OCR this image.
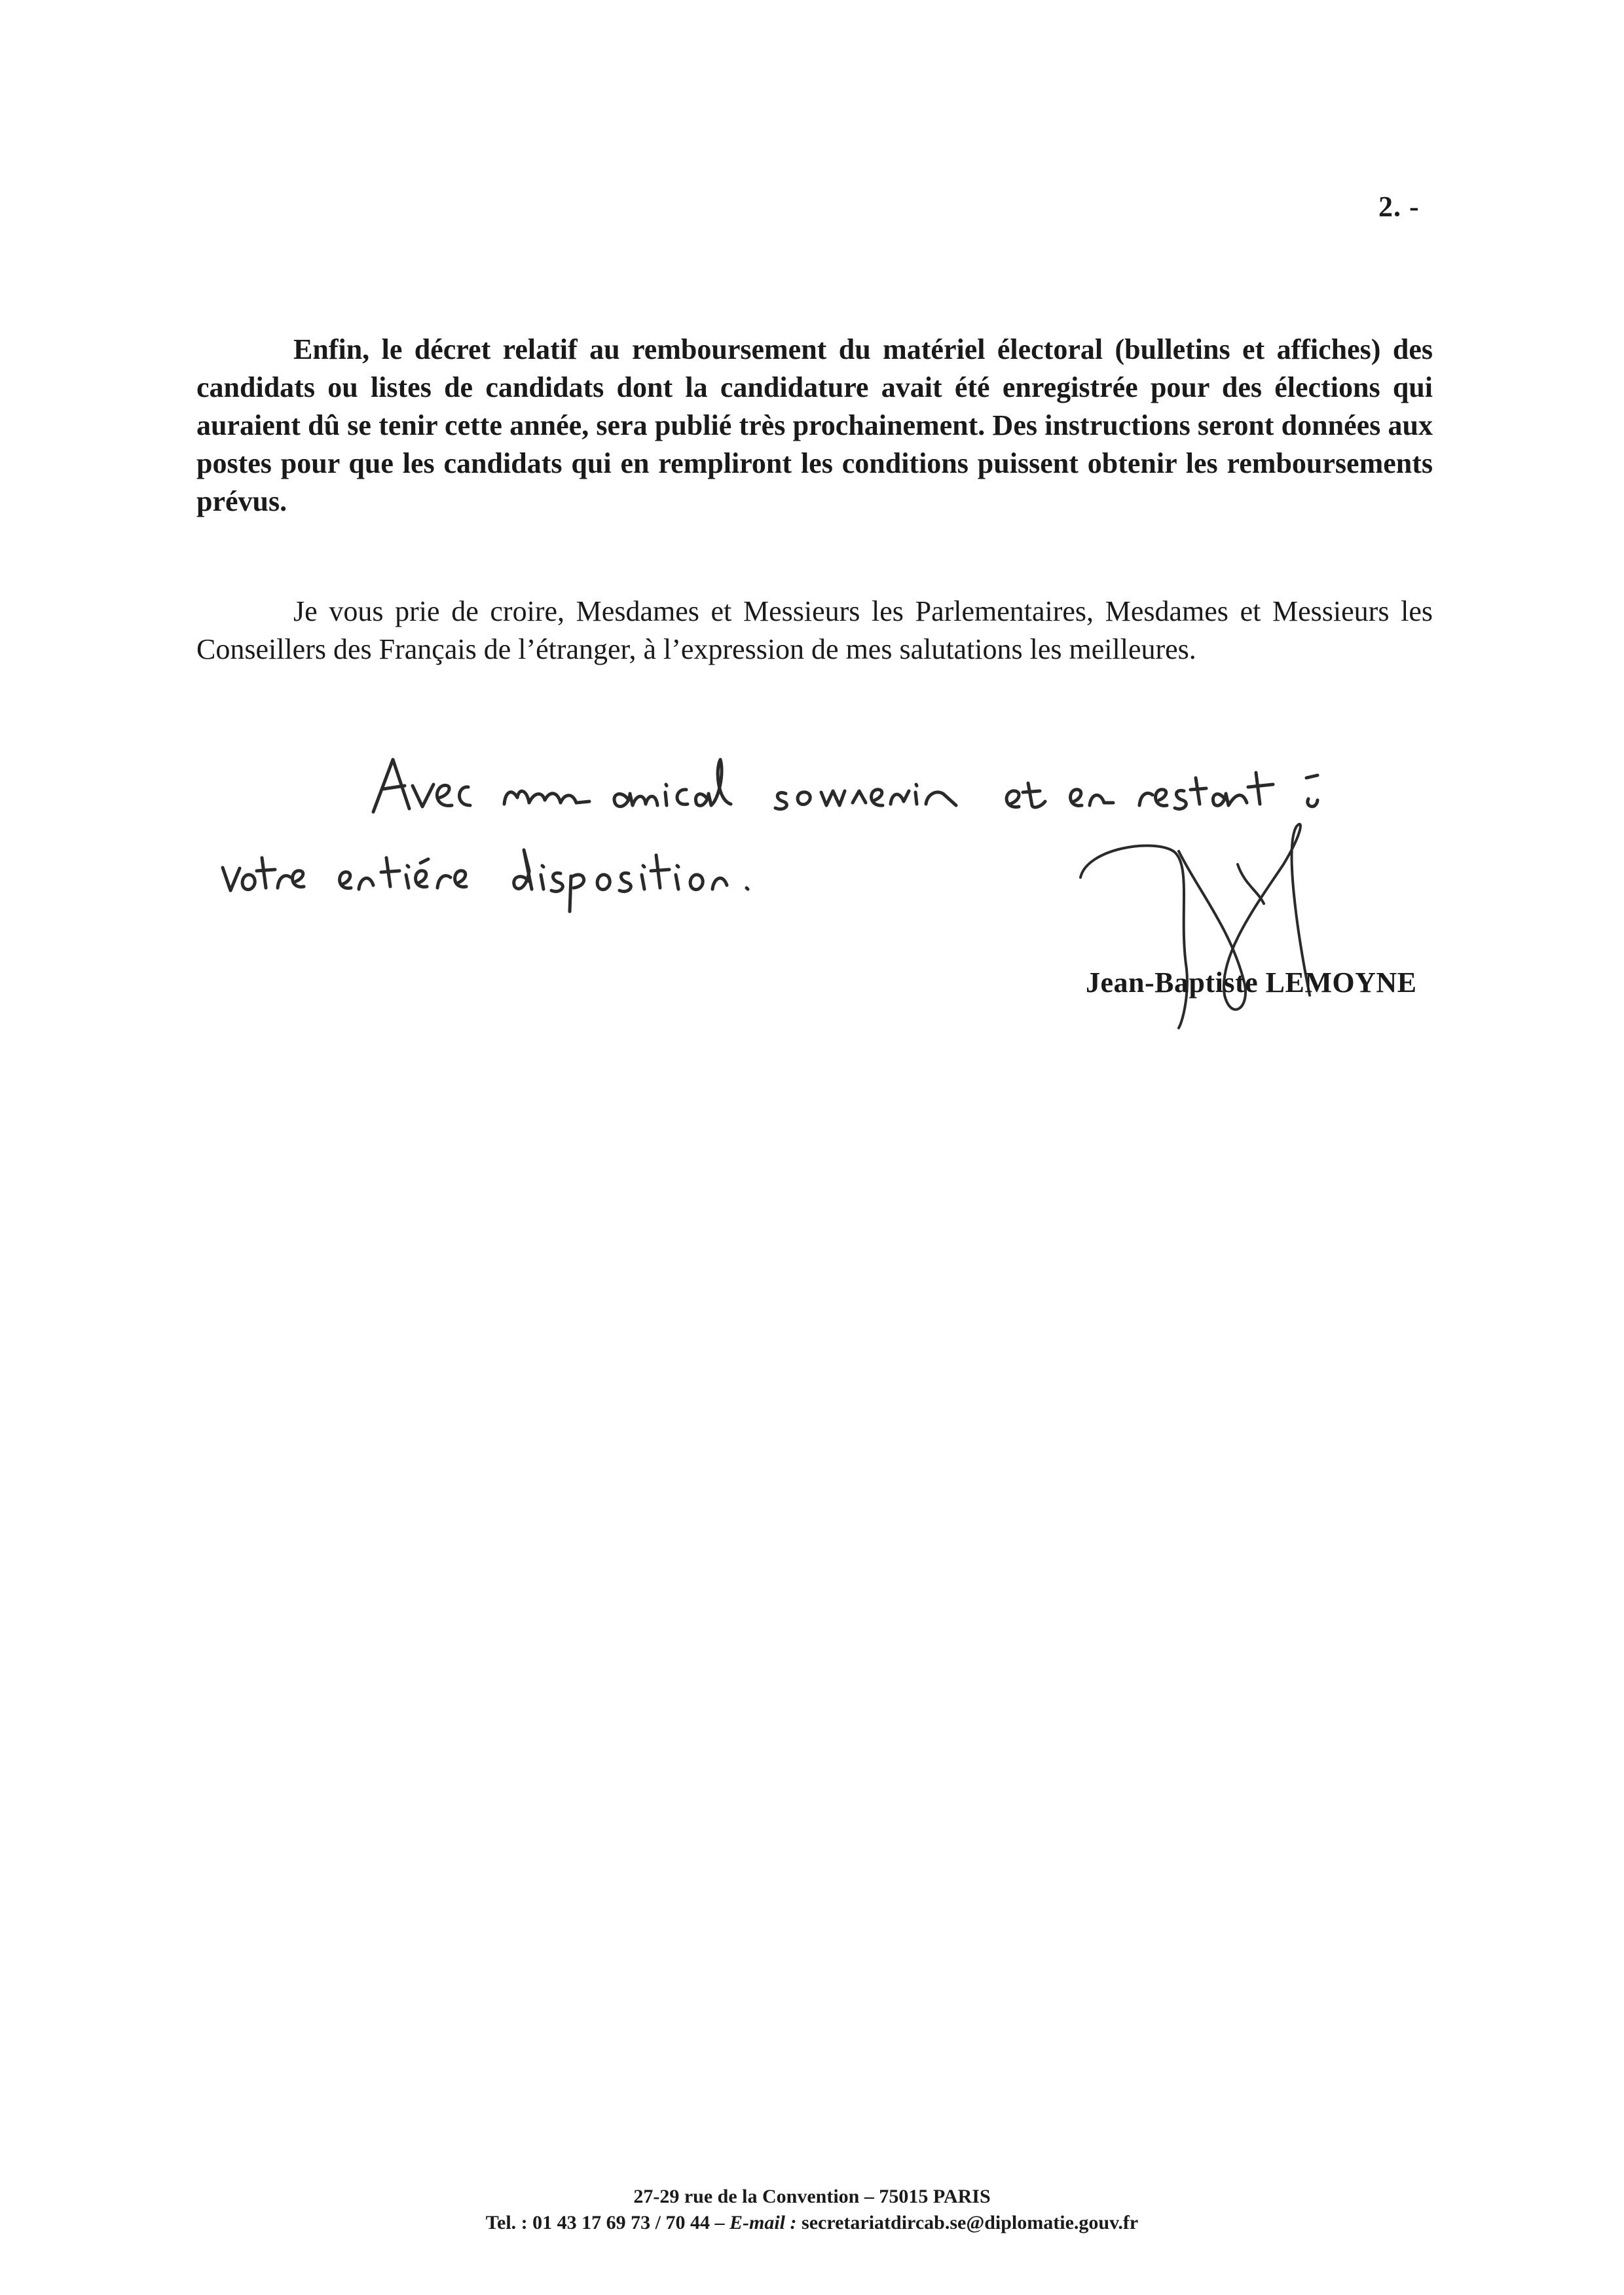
2. -

Enfin, le décret relatif au remboursement du matériel électoral (bulletins et affiches) des candidats ou listes de candidats dont la candidature avait été enregistrée pour des élections qui auraient dû se tenir cette année, sera publié très prochainement. Des instructions seront données aux postes pour que les candidats qui en rempliront les conditions puissent obtenir les remboursements prévus.

Je vous prie de croire, Mesdames et Messieurs les Parlementaires, Mesdames et Messieurs les Conseillers des Français de l’étranger, à l’expression de mes salutations les meilleures.

Jean-Baptiste LEMOYNE
27-29 rue de la Convention – 75015 PARIS
Tel. : 01 43 17 69 73 / 70 44 – E-mail : secretariatdircab.se@diplomatie.gouv.fr
